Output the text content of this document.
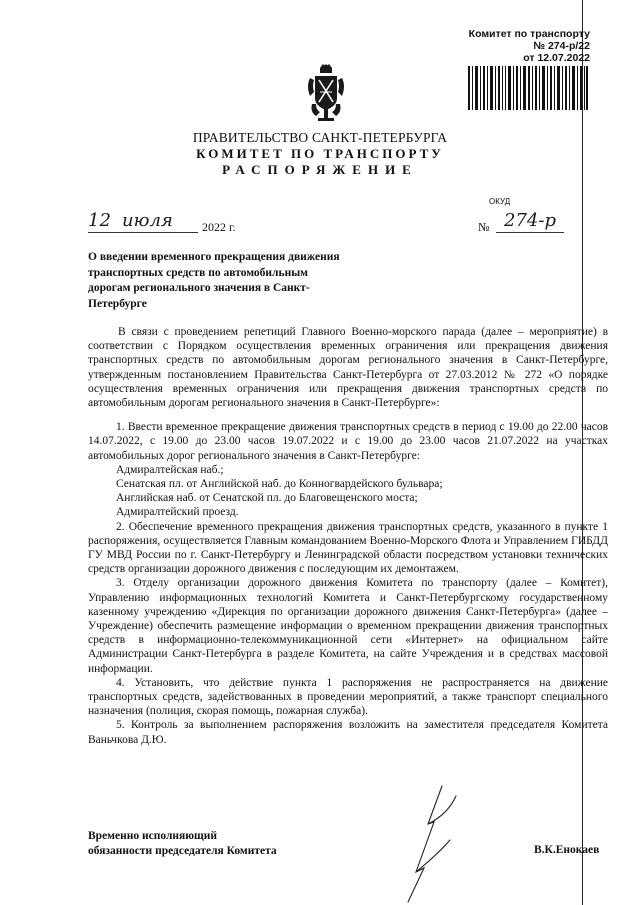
Комитет по транспорту
№ 274-р/22
от 12.07.2022
ПРАВИТЕЛЬСТВО САНКТ-ПЕТЕРБУРГА
КОМИТЕТ ПО ТРАНСПОРТУ
РАСПОРЯЖЕНИЕ
ОКУД
12 июля 2022 г.	№ 274-р
О введении временного прекращения движения транспортных средств по автомобильным дорогам регионального значения в Санкт-Петербурге

В связи с проведением репетиций Главного Военно-морского парада (далее – мероприятие) в соответствии с Порядком осуществления временных ограничения или прекращения движения транспортных средств по автомобильным дорогам регионального значения в Санкт-Петербурге, утвержденным постановлением Правительства Санкт-Петербурга от 27.03.2012 № 272 «О порядке осуществления временных ограничения или прекращения движения транспортных средств по автомобильным дорогам регионального значения в Санкт-Петербурге»:

1. Ввести временное прекращение движения транспортных средств в период с 19.00 до 22.00 часов 14.07.2022, с 19.00 до 23.00 часов 19.07.2022 и с 19.00 до 23.00 часов 21.07.2022 на участках автомобильных дорог регионального значения в Санкт-Петербурге:

Адмиралтейская наб.;

Сенатская пл. от Английской наб. до Конногвардейского бульвара;

Английская наб. от Сенатской пл. до Благовещенского моста;

Адмиралтейский проезд.

2. Обеспечение временного прекращения движения транспортных средств, указанного в пункте 1 распоряжения, осуществляется Главным командованием Военно-Морского Флота и Управлением ГИБДД ГУ МВД России по г. Санкт-Петербургу и Ленинградской области посредством установки технических средств организации дорожного движения с последующим их демонтажем.

3. Отделу организации дорожного движения Комитета по транспорту (далее – Комитет), Управлению информационных технологий Комитета и Санкт-Петербургскому государственному казенному учреждению «Дирекция по организации дорожного движения Санкт-Петербурга» (далее – Учреждение) обеспечить размещение информации о временном прекращении движения транспортных средств в информационно-телекоммуникационной сети «Интернет» на официальном сайте Администрации Санкт-Петербурга в разделе Комитета, на сайте Учреждения и в средствах массовой информации.

4. Установить, что действие пункта 1 распоряжения не распространяется на движение транспортных средств, задействованных в проведении мероприятий, а также транспорт специального назначения (полиция, скорая помощь, пожарная служба).

5. Контроль за выполнением распоряжения возложить на заместителя председателя Комитета Ваньчкова Д.Ю.

Временно исполняющий
обязанности председателя Комитета	В.К.Енокаев
